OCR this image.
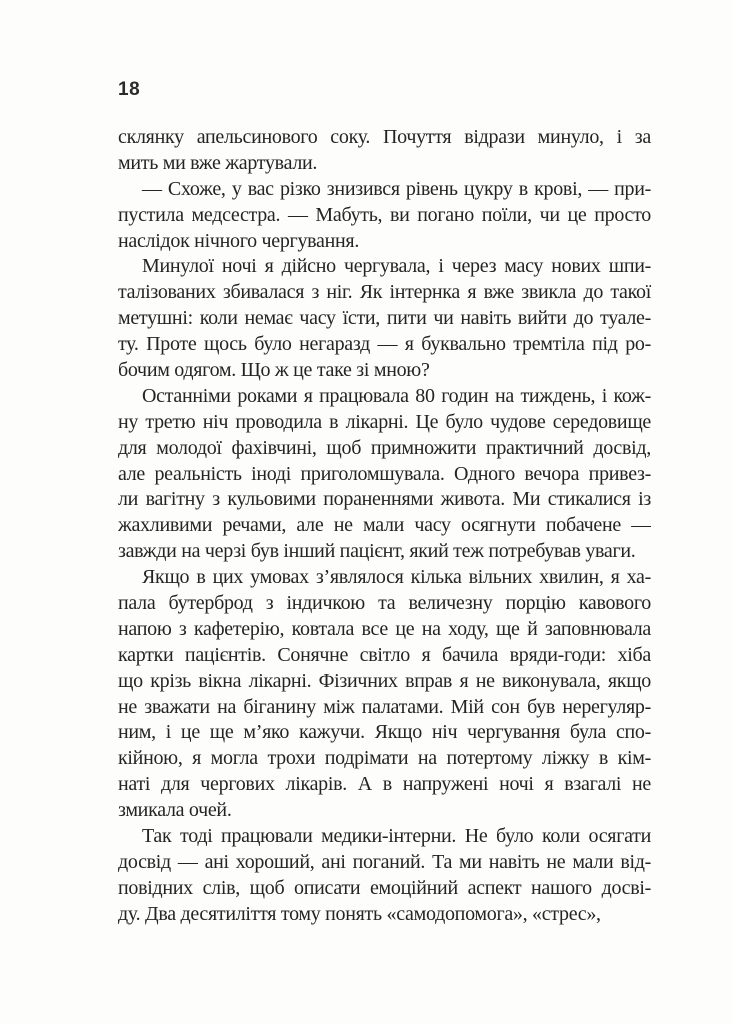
18

склянку апельсинового соку. Почуття відрази минуло, і за
мить ми вже жартували.

— Схоже, у вас різко знизився рівень цукру в крові, — при-
пустила медсестра. — Мабуть, ви погано поїли, чи це просто
наслідок нічного чергування.

Минулої ночі я дійсно чергувала, і через масу нових шпи-
талізованих збивалася з ніг. Як інтернка я вже звикла до такої
метушні: коли немає часу їсти, пити чи навіть вийти до туале-
ту. Проте щось було негаразд — я буквально тремтіла під ро-
бочим одягом. Що ж це таке зі мною?

Останніми роками я працювала 80 годин на тиждень, і кож-
ну третю ніч проводила в лікарні. Це було чудове середовище
для молодої фахівчині, щоб примножити практичний досвід,
але реальність іноді приголомшувала. Одного вечора привез-
ли вагітну з кульовими пораненнями живота. Ми стикалися із
жахливими речами, але не мали часу осягнути побачене —
завжди на черзі був інший пацієнт, який теж потребував уваги.

Якщо в цих умовах з’являлося кілька вільних хвилин, я ха-
пала бутерброд з індичкою та величезну порцію кавового
напою з кафетерію, ковтала все це на ходу, ще й заповнювала
картки пацієнтів. Сонячне світло я бачила вряди-годи: хіба
що крізь вікна лікарні. Фізичних вправ я не виконувала, якщо
не зважати на біганину між палатами. Мій сон був нерегуляр-
ним, і це ще м’яко кажучи. Якщо ніч чергування була спо-
кійною, я могла трохи подрімати на потертому ліжку в кім-
наті для чергових лікарів. А в напружені ночі я взагалі не
змикала очей.

Так тоді працювали медики-інтерни. Не було коли осягати
досвід — ані хороший, ані поганий. Та ми навіть не мали від-
повідних слів, щоб описати емоційний аспект нашого досві-
ду. Два десятиліття тому понять «самодопомога», «стрес»,
